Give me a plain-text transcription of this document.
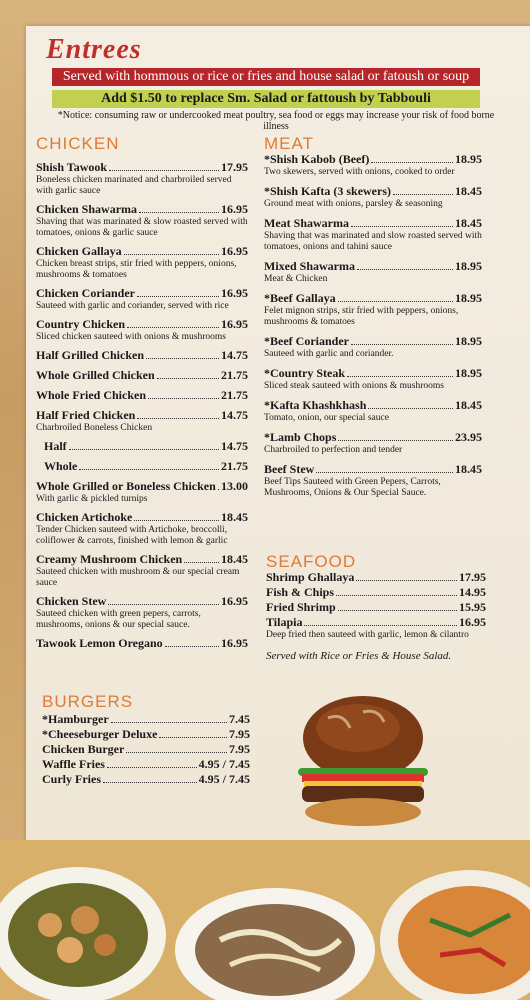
Entrees
Served with hommous or rice or fries and house salad or fatoush or soup
Add $1.50 to replace Sm. Salad or fattoush by Tabbouli
*Notice: consuming raw or undercooked meat poultry, sea food or eggs may increase your risk of food borne illness
CHICKEN
Shish Tawook	17.95
Boneless chicken marinated and charbroiled served with garlic sauce
Chicken Shawarma	16.95
Shaving that was marinated & slow roasted served with tomatoes, onions & garlic sauce
Chicken Gallaya	16.95
Chicken breast strips, stir fried with peppers, onions, mushrooms & tomatoes
Chicken Coriander	16.95
Sauteed with garlic and coriander, served with rice
Country Chicken	16.95
Sliced chicken sauteed with onions & mushrooms
Half Grilled Chicken	14.75
Whole Grilled Chicken	21.75
Whole Fried Chicken	21.75
Half Fried Chicken	14.75
Charbroiled Boneless Chicken
Half	14.75
Whole	21.75
Whole Grilled or Boneless Chicken 13.00
With garlic & pickled turnips
Chicken Artichoke	18.45
Tender Chicken sauteed with Artichoke, broccolli, coliflower & carrots, finished with lemon & garlic
Creamy Mushroom Chicken	18.45
Sauteed chicken with mushroom & our special cream sauce
Chicken Stew	16.95
Sauteed chicken with green pepers, carrots, mushrooms, onions & our special sauce.
Tawook Lemon Oregano	16.95
MEAT
*Shish Kabob (Beef)	18.95
Two skewers, served with onions, cooked to order
*Shish Kafta (3 skewers)	18.45
Ground meat with onions, parsley & seasoning
Meat Shawarma	18.45
Shaving that was marinated and slow roasted served with tomatoes, onions and tahini sauce
Mixed Shawarma	18.95
Meat & Chicken
*Beef Gallaya	18.95
Felet mignon strips, stir fried with peppers, onions, mushrooms & tomatoes
*Beef Coriander	18.95
Sauteed with garlic and coriander.
*Country Steak	18.95
Sliced steak sauteed with onions & mushrooms
*Kafta Khashkhash	18.45
Tomato, onion, our special sauce
*Lamb Chops	23.95
Charbroiled to perfection and tender
Beef Stew	18.45
Beef Tips Sauteed with Green Pepers, Carrots, Mushrooms, Onions & Our Special Sauce.
SEAFOOD
Shrimp Ghallaya	17.95
Fish & Chips	14.95
Fried Shrimp	15.95
Tilapia	16.95
Deep fried then sauteed with garlic, lemon & cilantro
Served with Rice or Fries & House Salad.
BURGERS
*Hamburger	7.45
*Cheeseburger Deluxe	7.95
Chicken Burger	7.95
Waffle Fries	4.95 / 7.45
Curly Fries	4.95 / 7.45
